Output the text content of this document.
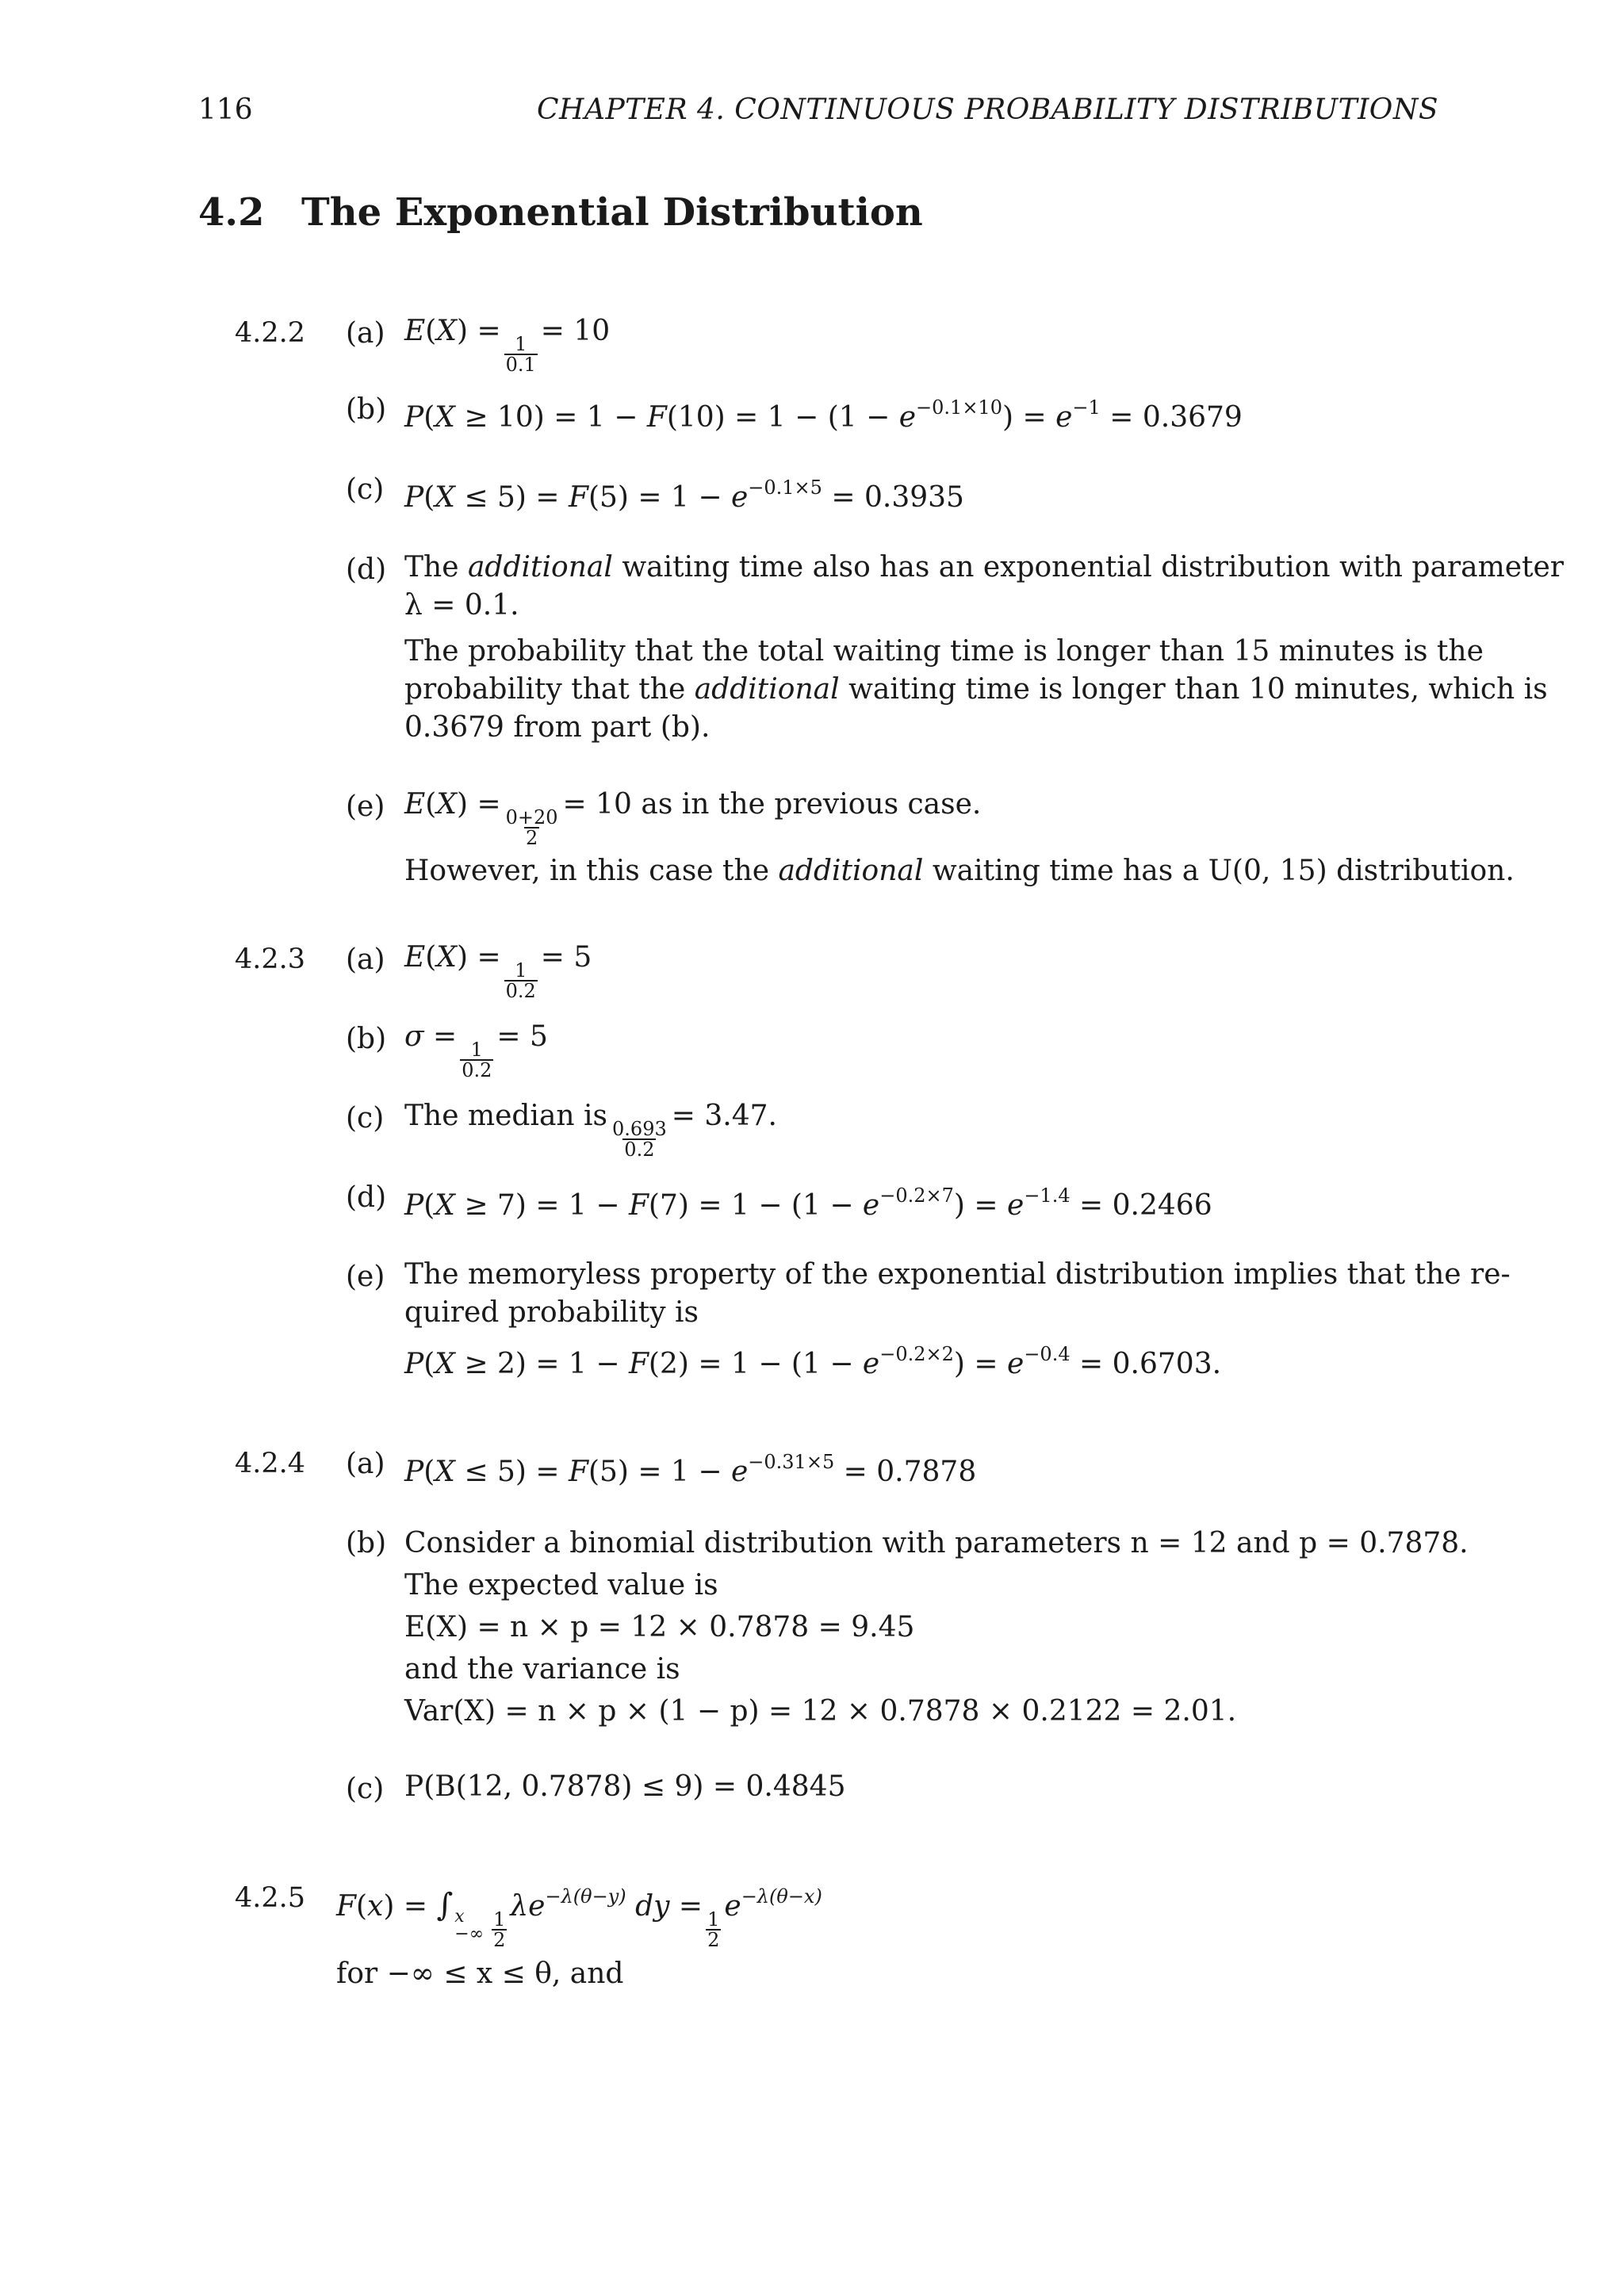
116	CHAPTER 4. CONTINUOUS PROBABILITY DISTRIBUTIONS
4.2 The Exponential Distribution
4.2.2 (a) E(X) =
$\frac{1}{0.1}$
= 10
(b) $P(X \ge 10) = 1 - F(10) = 1 - (1 - e^{-0.1\times 10}) = e^{-1} = 0.3679$
(c) $P(X \le 5) = F(5) = 1 - e^{-0.1\times 5} = 0.3935$
(d) The additional waiting time also has an exponential distribution with parameter
λ = 0.1.
The probability that the total waiting time is longer than 15 minutes is the
probability that the additional waiting time is longer than 10 minutes, which is
0.3679 from part (b).
(e) E(X) =
$\frac{0+20}{2}$
= 10 as in the previous case.
However, in this case the additional waiting time has a U(0, 15) distribution.
4.2.3 (a) E(X) =
$\frac{1}{0.2}$
= 5
(b) σ =
$\frac{1}{0.2}$
= 5
(c) The median is
$\frac{0.693}{0.2}$
= 3.47.
(d) $P(X \ge 7) = 1 - F(7) = 1 - (1 - e^{-0.2\times 7}) = e^{-1.4} = 0.2466$
(e) The memoryless property of the exponential distribution implies that the re-
quired probability is
$P(X \ge 2) = 1 - F(2) = 1 - (1 - e^{-0.2\times 2}) = e^{-0.4} = 0.6703$.
4.2.4 (a) $P(X \le 5) = F(5) = 1 - e^{-0.31\times 5} = 0.7878$
(b) Consider a binomial distribution with parameters n = 12 and p = 0.7878.
The expected value is
E(X) = n × p = 12 × 0.7878 = 9.45
and the variance is
Var(X) = n × p × (1 − p) = 12 × 0.7878 × 0.2122 = 2.01.
(c) P(B(12, 0.7878) ≤ 9) = 0.4845
4.2.5 F(x) = ∫ x
−∞ $\frac{1}{2}$
$\lambda e^{-\lambda(\theta-y)}$ dy =
$\frac{1}{2}$
$e^{-\lambda(\theta-x)}$
for −∞ ≤ x ≤ θ, and
